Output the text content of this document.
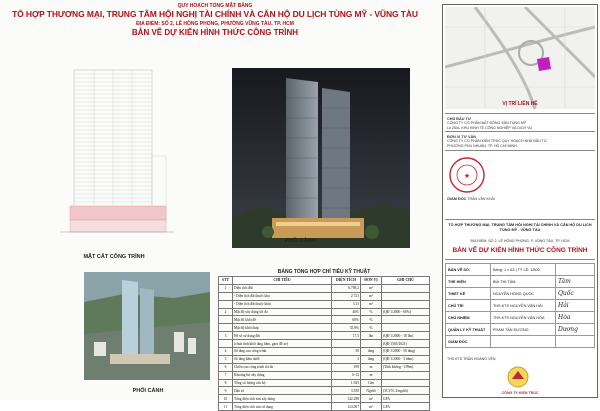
QUY HOẠCH TỔNG MẶT BẰNG
TỔ HỢP THƯƠNG MẠI, TRUNG TÂM HỘI NGHỊ TÀI CHÍNH VÀ CĂN HỘ DU LỊCH TÙNG MỸ - VŨNG TÀU
ĐỊA ĐIỂM: SỐ 2, LÊ HỒNG PHONG, PHƯỜNG VŨNG TÀU, TP. HCM
BẢN VẼ DỰ KIẾN HÌNH THỨC CÔNG TRÌNH
MẶT CẮT CÔNG TRÌNH
PHỐI CẢNH
PHỐI CẢNH
BẢNG TỔNG HỢP CHỈ TIÊU KỸ THUẬT
STT	CHỈ TIÊU	DIỆN TÍCH	ĐƠN VỊ	GHI CHÚ
1	Diện tích đất	6.789,2	m²	
	- Diện tích đất thuộc khu	2.721	m²	
	- Diện tích đất thuộc khác	3.13	m²	
2	Mật độ xây dựng tối đa	40%	%	(QĐ 1/2000 - 60%)
	Mật độ khối đế	60%	%	
	Mật độ khối tháp	35,8%	%	
3	Hệ số sử dụng đất	17,5	lần	(QĐ 1/2000 - 18 lần)
	(chưa tính khối tầng hầm, gara đỗ xe)			(QĐ 1565/2021)
4	Số tầng cao công trình	50	tầng	(QĐ 1/2000 - 50 tầng)
5	Số tầng hầm dưới	3	tầng	(QĐ 1/2000 - 3 hầm)
6	Chiều cao công trình tối đa	199	m	(Tính không - 199m)
7	Khoảng lùi xây dựng	6-12	m	
8	Tổng số lượng căn hộ	1.925	Căn	
9	Dân số	3.550	Người	(3CVN, 2/người)
10	Tổng diện tích sàn xây dựng	142.298	m²	GFA
11	Tổng diện tích sàn sử dụng	124.007	m²	GFA
VỊ TRÍ LIÊN HỆ
CHỦ ĐẦU TƯ
CÔNG TY CỔ PHẦN BẤT ĐỘNG SẢN TÙNG MỸ
Lô 26/A, KHU KINH TẾ CÔNG NGHIỆP VÀ DỊCH VỤ
ĐƠN VỊ TƯ VẤN
CÔNG TY CỔ PHẦN KIẾN TRÚC QUY HOẠCH NHÀ ĐẦU TƯ
PHƯỜNG PHÚ NHUẬN, TP. HỒ CHÍ MINH
★
GIÁM ĐỐC TRẦN VĂN KHẢI
TỔ HỢP THƯƠNG MẠI, TRUNG TÂM HỘI NGHỊ TÀI CHÍNH VÀ CĂN HỘ DU LỊCH TÙNG MỸ - VŨNG TÀU
ĐỊA ĐIỂM: SỐ 2, LÊ HỒNG PHONG, P. VŨNG TÀU, TP. HCM
BẢN VẼ DỰ KIẾN HÌNH THỨC CÔNG TRÌNH
BẢN VẼ SỐ:	Bảng: 1 x A3 | TỶ LỆ: 1/500	
THỂ HIỆN	BÙI THỊ TÂM	Tâm
THIẾT KẾ	NGUYỄN HỒNG QUỐC	Quốc
CHỦ TRÌ	THS.KTS NGUYỄN VĂN HẢI	Hải
CHỦ NHIỆM	THS.KTS NGUYỄN VĂN HÒA	Hòa
QUẢN LÝ KỸ THUẬT	PHẠM TẤN DƯƠNG	Dương
GIÁM ĐỐC		
THS.KTS TRẦN HOÀNG VỆN
CÔNG TY KIẾN TRÚC
